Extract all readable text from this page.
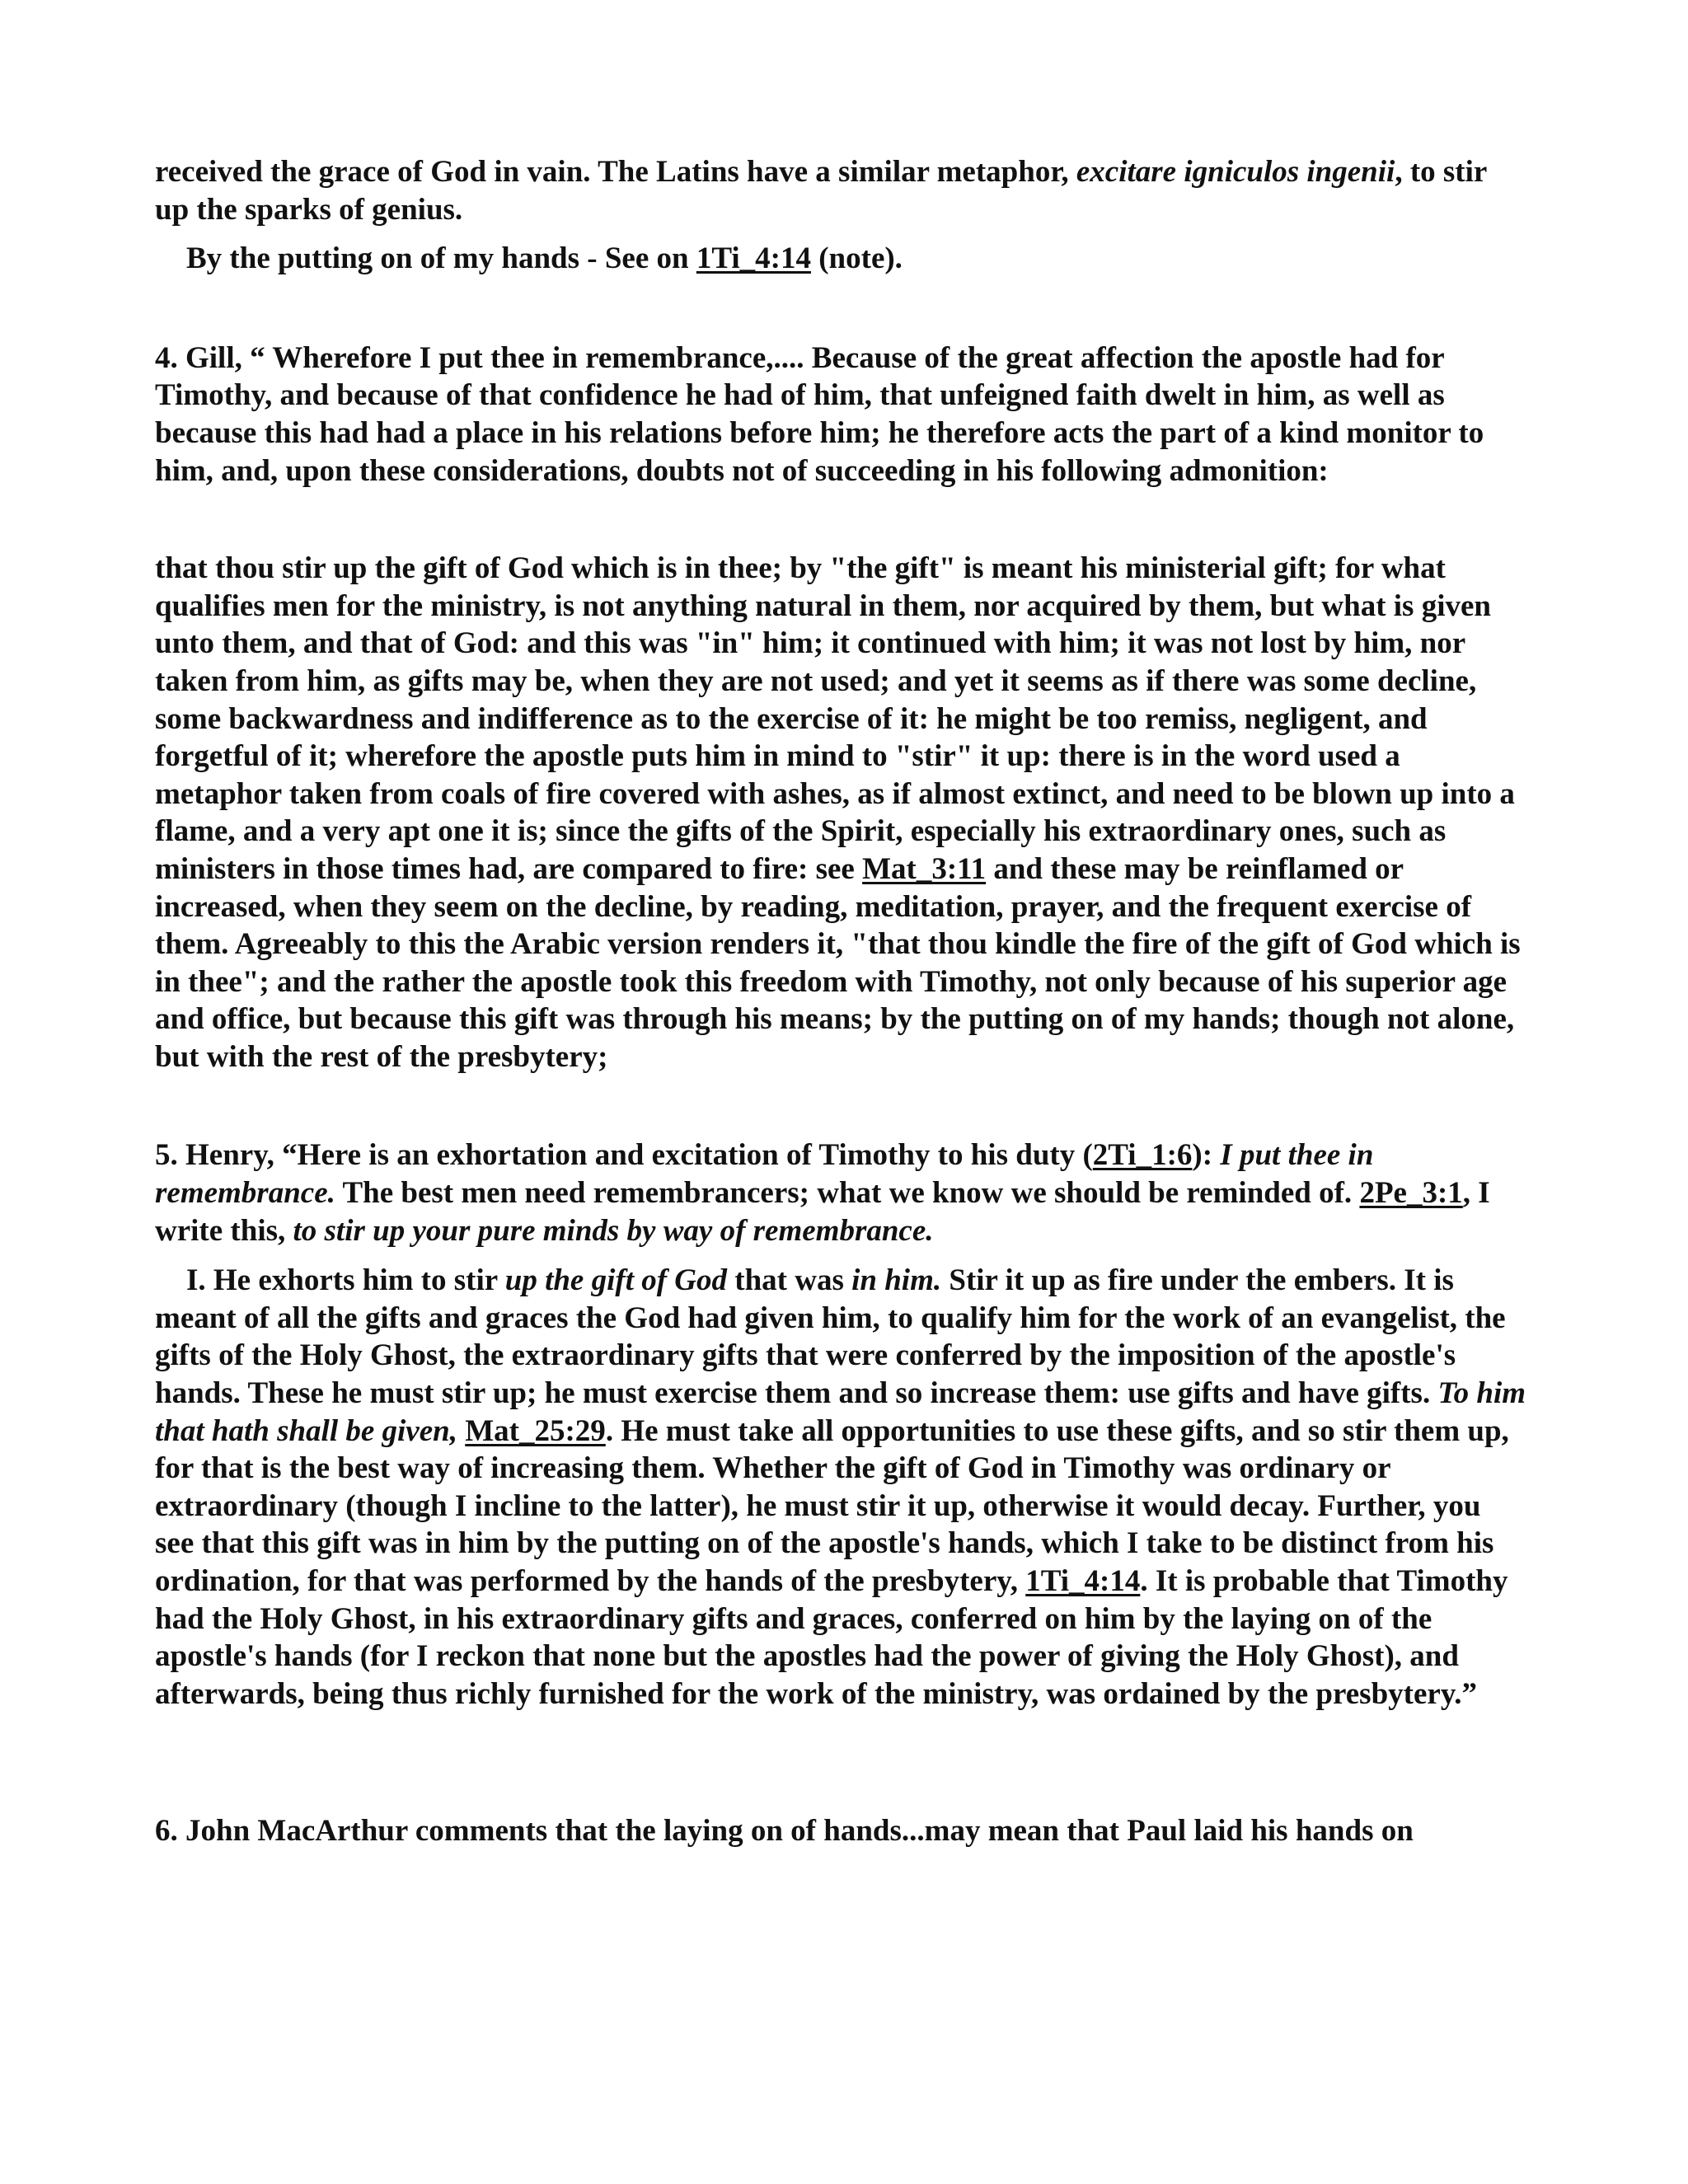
received the grace of God in vain. The Latins have a similar metaphor, excitare igniculos ingenii, to stir up the sparks of genius.

By the putting on of my hands - See on 1Ti_4:14 (note).

4. Gill, “ Wherefore I put thee in remembrance,.... Because of the great affection the apostle had for Timothy, and because of that confidence he had of him, that unfeigned faith dwelt in him, as well as because this had had a place in his relations before him; he therefore acts the part of a kind monitor to him, and, upon these considerations, doubts not of succeeding in his following admonition:

that thou stir up the gift of God which is in thee; by "the gift" is meant his ministerial gift; for what qualifies men for the ministry, is not anything natural in them, nor acquired by them, but what is given unto them, and that of God: and this was "in" him; it continued with him; it was not lost by him, nor taken from him, as gifts may be, when they are not used; and yet it seems as if there was some decline, some backwardness and indifference as to the exercise of it: he might be too remiss, negligent, and forgetful of it; wherefore the apostle puts him in mind to "stir" it up: there is in the word used a metaphor taken from coals of fire covered with ashes, as if almost extinct, and need to be blown up into a flame, and a very apt one it is; since the gifts of the Spirit, especially his extraordinary ones, such as ministers in those times had, are compared to fire: see Mat_3:11 and these may be reinflamed or increased, when they seem on the decline, by reading, meditation, prayer, and the frequent exercise of them. Agreeably to this the Arabic version renders it, "that thou kindle the fire of the gift of God which is in thee"; and the rather the apostle took this freedom with Timothy, not only because of his superior age and office, but because this gift was through his means; by the putting on of my hands; though not alone, but with the rest of the presbytery;

5. Henry, “Here is an exhortation and excitation of Timothy to his duty (2Ti_1:6): I put thee in remembrance. The best men need remembrancers; what we know we should be reminded of. 2Pe_3:1, I write this, to stir up your pure minds by way of remembrance.

I. He exhorts him to stir up the gift of God that was in him. Stir it up as fire under the embers. It is meant of all the gifts and graces the God had given him, to qualify him for the work of an evangelist, the gifts of the Holy Ghost, the extraordinary gifts that were conferred by the imposition of the apostle's hands. These he must stir up; he must exercise them and so increase them: use gifts and have gifts. To him that hath shall be given, Mat_25:29. He must take all opportunities to use these gifts, and so stir them up, for that is the best way of increasing them. Whether the gift of God in Timothy was ordinary or extraordinary (though I incline to the latter), he must stir it up, otherwise it would decay. Further, you see that this gift was in him by the putting on of the apostle's hands, which I take to be distinct from his ordination, for that was performed by the hands of the presbytery, 1Ti_4:14. It is probable that Timothy had the Holy Ghost, in his extraordinary gifts and graces, conferred on him by the laying on of the apostle's hands (for I reckon that none but the apostles had the power of giving the Holy Ghost), and afterwards, being thus richly furnished for the work of the ministry, was ordained by the presbytery.”

6. John MacArthur comments that the laying on of hands...may mean that Paul laid his hands on
